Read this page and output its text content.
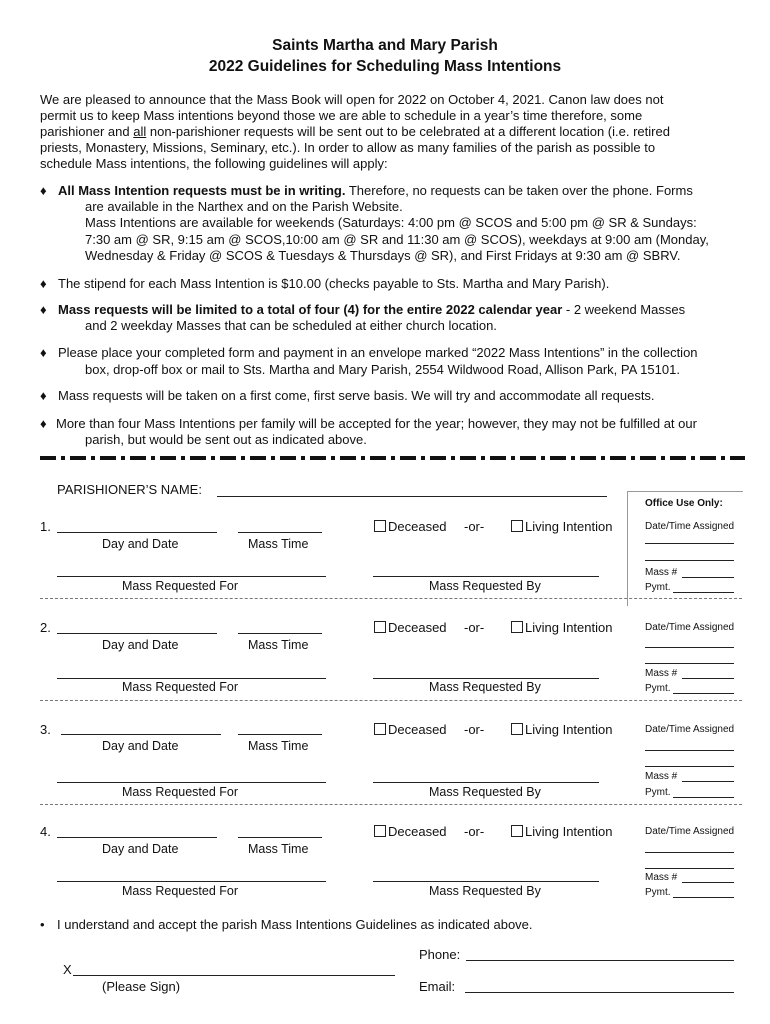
Saints Martha and Mary Parish
2022 Guidelines for Scheduling Mass Intentions
We are pleased to announce that the Mass Book will open for 2022 on October 4, 2021. Canon law does not
permit us to keep Mass intentions beyond those we are able to schedule in a year’s time therefore, some
parishioner and all non-parishioner requests will be sent out to be celebrated at a different location (i.e. retired
priests, Monastery, Missions, Seminary, etc.). In order to allow as many families of the parish as possible to
schedule Mass intentions, the following guidelines will apply:
♦ All Mass Intention requests must be in writing. Therefore, no requests can be taken over the phone. Forms
are available in the Narthex and on the Parish Website.
Mass Intentions are available for weekends (Saturdays: 4:00 pm @ SCOS and 5:00 pm @ SR & Sundays:
7:30 am @ SR, 9:15 am @ SCOS,10:00 am @ SR and 11:30 am @ SCOS), weekdays at 9:00 am (Monday,
Wednesday & Friday @ SCOS & Tuesdays & Thursdays @ SR), and First Fridays at 9:30 am @ SBRV.
♦ The stipend for each Mass Intention is $10.00 (checks payable to Sts. Martha and Mary Parish).
♦ Mass requests will be limited to a total of four (4) for the entire 2022 calendar year - 2 weekend Masses
and 2 weekday Masses that can be scheduled at either church location.
♦ Please place your completed form and payment in an envelope marked “2022 Mass Intentions” in the collection
box, drop-off box or mail to Sts. Martha and Mary Parish, 2554 Wildwood Road, Allison Park, PA 15101.
♦ Mass requests will be taken on a first come, first serve basis. We will try and accommodate all requests.
♦ More than four Mass Intentions per family will be accepted for the year; however, they may not be fulfilled at our
parish, but would be sent out as indicated above.
PARISHIONER’S NAME:
Office Use Only:
1.
Day and Date	Mass Time
Deceased -or-	Living Intention	Date/Time Assigned
Mass Requested For	Mass Requested By
Mass #
Pymt.
2.
Day and Date	Mass Time
Deceased -or-	Living Intention	Date/Time Assigned
Mass Requested For	Mass Requested By
Mass #
Pymt.
3.
Day and Date	Mass Time
Deceased -or-	Living Intention	Date/Time Assigned
Mass Requested For	Mass Requested By
Mass #
Pymt.
4.
Day and Date	Mass Time
Deceased -or-	Living Intention	Date/Time Assigned
Mass Requested For	Mass Requested By
Mass #
Pymt.
• I understand and accept the parish Mass Intentions Guidelines as indicated above.
Phone:
X
(Please Sign)	Email:
